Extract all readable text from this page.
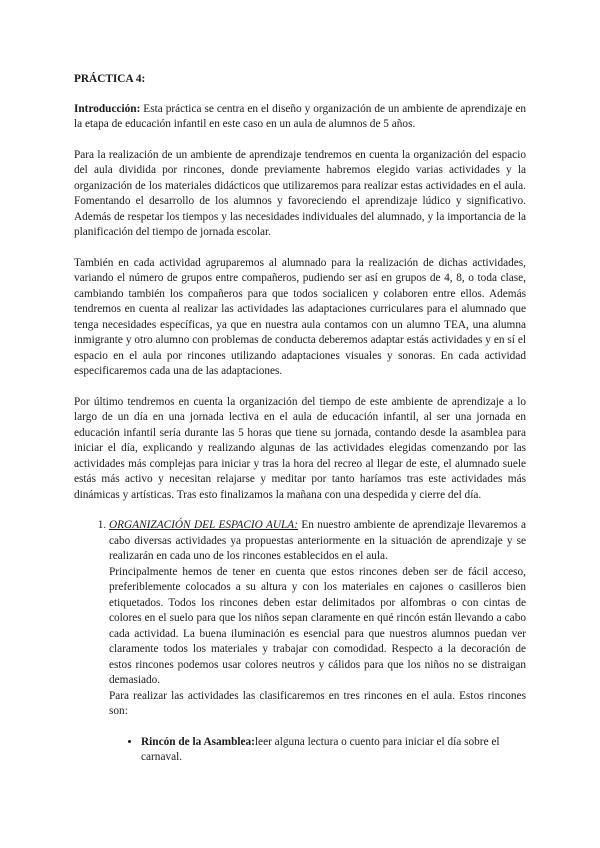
PRÁCTICA 4:

Introducción: Esta práctica se centra en el diseño y organización de un ambiente de aprendizaje en la etapa de educación infantil en este caso en un aula de alumnos de 5 años.

Para la realización de un ambiente de aprendizaje tendremos en cuenta la organización del espacio del aula dividida por rincones, donde previamente habremos elegido varias actividades y la organización de los materiales didácticos que utilizaremos para realizar estas actividades en el aula. Fomentando el desarrollo de los alumnos y favoreciendo el aprendizaje lúdico y significativo. Además de respetar los tiempos y las necesidades individuales del alumnado, y la importancia de la planificación del tiempo de jornada escolar.

También en cada actividad agruparemos al alumnado para la realización de dichas actividades, variando el número de grupos entre compañeros, pudiendo ser así en grupos de 4, 8, o toda clase, cambiando también los compañeros para que todos socialicen y colaboren entre ellos. Además tendremos en cuenta al realizar las actividades las adaptaciones curriculares para el alumnado que tenga necesidades específicas, ya que en nuestra aula contamos con un alumno TEA, una alumna inmigrante y otro alumno con problemas de conducta deberemos adaptar estás actividades y en sí el espacio en el aula por rincones utilizando adaptaciones visuales y sonoras. En cada actividad especificaremos cada una de las adaptaciones.

Por último tendremos en cuenta la organización del tiempo de este ambiente de aprendizaje a lo largo de un día en una jornada lectiva en el aula de educación infantil, al ser una jornada en educación infantil sería durante las 5 horas que tiene su jornada, contando desde la asamblea para iniciar el día, explicando y realizando algunas de las actividades elegidas comenzando por las actividades más complejas para iniciar y tras la hora del recreo al llegar de este, el alumnado suele estás más activo y necesitan relajarse y meditar por tanto haríamos tras este actividades más dinámicas y artísticas. Tras esto finalizamos la mañana con una despedida y cierre del día.

1. ORGANIZACIÓN DEL ESPACIO AULA: En nuestro ambiente de aprendizaje llevaremos a cabo diversas actividades ya propuestas anteriormente en la situación de aprendizaje y se realizarán en cada uno de los rincones establecidos en el aula.

Principalmente hemos de tener en cuenta que estos rincones deben ser de fácil acceso, preferiblemente colocados a su altura y con los materiales en cajones o casilleros bien etiquetados. Todos los rincones deben estar delimitados por alfombras o con cintas de colores en el suelo para que los niños sepan claramente en qué rincón están llevando a cabo cada actividad. La buena iluminación es esencial para que nuestros alumnos puedan ver claramente todos los materiales y trabajar con comodidad. Respecto a la decoración de estos rincones podemos usar colores neutros y cálidos para que los niños no se distraigan demasiado.

Para realizar las actividades las clasificaremos en tres rincones en el aula. Estos rincones son:

• Rincón de la Asamblea:leer alguna lectura o cuento para iniciar el día sobre el carnaval.
